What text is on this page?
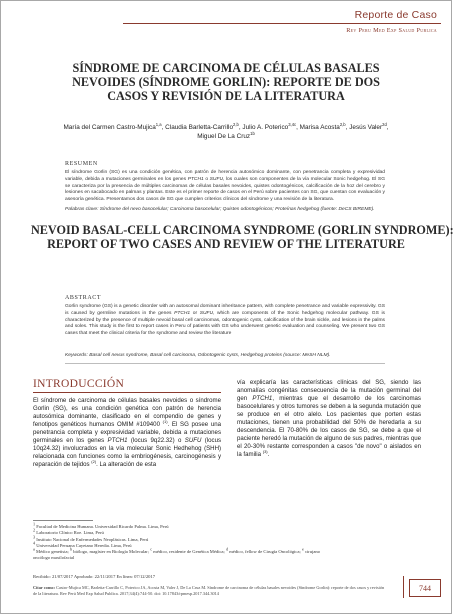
Reporte de Caso
Rev Peru Med Exp Salud Publica
SÍNDROME DE CARCINOMA DE CÉLULAS BASALES
NEVOIDES (SÍNDROME GORLIN): REPORTE DE DOS
CASOS Y REVISIÓN DE LA LITERATURA
María del Carmen Castro-Mujica$^{1,a}$, Claudia Barletta-Carrillo$^{2,b}$, Julio A. Poterico$^{3,4c}$, Marisa Acosta$^{2,b}$, Jesús Valer$^{2d}$,
Miguel De La Cruz$^{1b}$
RESUMEN
El síndrome Gorlin (SG) es una condición genética, con patrón de herencia autosómico dominante, con penetrancia completa y expresividad variable, debida a mutaciones germinales en los genes PTCH1 o SUFU, los cuales son componentes de la vía molecular Sonic hedgehog. El SG se caracteriza por la presencia de múltiples carcinomas de células basales nevoides, quistes odontogénicos, calcificación de la hoz del cerebro y lesiones en sacabocado en palmas y plantas. Este es el primer reporte de casos en el Perú sobre pacientes con SG, que cuentan con evaluación y asesoría genética. Presentamos dos casos de SG que cumplen criterios clínicos del síndrome y una revisión de la literatura.
Palabras clave: Síndrome del nevo basocelular; Carcinoma basocelular; Quistes odontogénicos; Proteínas hedgehog (fuente: DeCS BIREME).
NEVOID BASAL-CELL CARCINOMA SYNDROME (GORLIN SYNDROME):
REPORT OF TWO CASES AND REVIEW OF THE LITERATURE
ABSTRACT
Gorlin syndrome (GS) is a genetic disorder with an autosomal dominant inheritance pattern, with complete penetrance and variable expressivity. GS is caused by germline mutations in the genes PTCH1 or SUFU, which are components of the Sonic hedgehog molecular pathway. GS is characterized by the presence of multiple nevoid basal cell carcinomas, odontogenic cysts, calcification of the brain sickle, and lesions in the palms and soles. This study is the first to report cases in Peru of patients with GS who underwent genetic evaluation and counseling. We present two GS cases that meet the clinical criteria for the syndrome and review the literature
Keywords: Basal cell nevus syndrome, Basal cell carcinoma, Odontogenic cysts, Hedgehog proteins (source: MeSH NLM).
INTRODUCCIÓN
El síndrome de carcinoma de células basales nevoides o síndrome Gorlin (SG), es una condición genética con patrón de herencia autosómica dominante, clasificado en el compendio de genes y fenotipos genéticos humanos OMIM #109400 $^{(1)}$. El SG posee una penetrancia completa y expresividad variable, debida a mutaciones germinales en los genes PTCH1 (locus 9q22.32) o SUFU (locus 10q24.32) involucrados en la vía molecular Sonic Hedhehog (SHH) relacionada con funciones como la embriogénesis, carcinogénesis y reparación de tejidos $^{(2)}$. La alteración de esta
vía explicaría las características clínicas del SG, siendo las anomalías congénitas consecuencia de la mutación germinal del gen PTCH1, mientras que el desarrollo de los carcinomas basocelulares y otros tumores se deben a la segunda mutación que se produce en el otro alelo. Los pacientes que porten estas mutaciones, tienen una probabilidad del 50% de heredarla a su descendencia. El 70-80% de los casos de SG, se debe a que el paciente heredó la mutación de alguno de sus padres, mientras que el 20-30% restante corresponden a casos "de novo" o aislados en la familia $^{(3)}$.
$^1$ Facultad de Medicina Humana. Universidad Ricardo Palma. Lima, Perú
$^2$ Laboratorio Clínico Roe. Lima, Perú
$^3$ Instituto Nacional de Enfermedades Neoplásicas. Lima, Perú
$^4$ Universidad Peruana Cayetano Heredia. Lima, Perú
$^a$ Médico genetista; $^b$ biólogo, magíster en Biología Molecular; $^c$ médico, residente de Genética Médica; $^d$ médico, fellow de Cirugía Oncológica; $^e$ cirujano
oncólogo maxilofacial
Recibido: 21/07/2017 Aprobado: 22/11/2017 En línea: 07/12/2017
Citar como: Castro-Mujica MC, Barletta-Carrillo C, Poterico JA, Acosta M, Valer J, De La Cruz M. Síndrome de carcinoma de células basales nevoides (Síndrome Gorlin): reporte de dos casos y revisión de la literatura. Rev Perú Med Exp Salud Publica. 2017;34(4):744-50. doi: 10.17843/rpmesp.2017.344.3014
744
